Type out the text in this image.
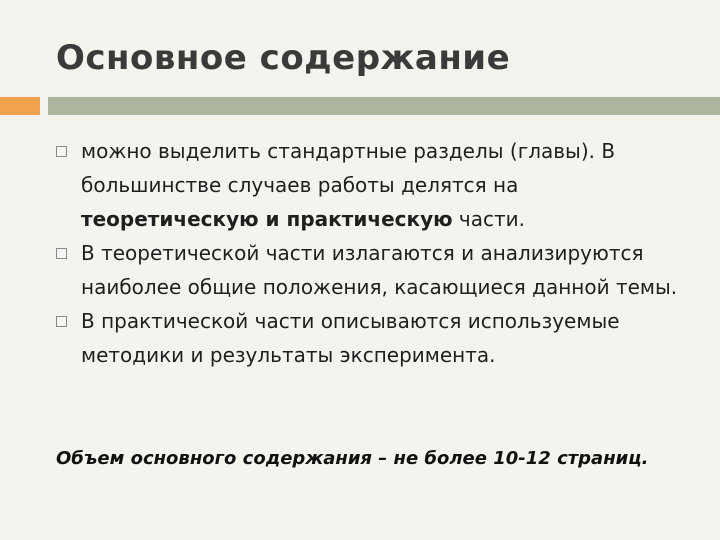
Основное содержание
можно выделить стандартные разделы (главы). В большинстве случаев работы делятся на теоретическую и практическую части.
В теоретической части излагаются и анализируются наиболее общие положения, касающиеся данной темы.
В практической части описываются используемые методики и результаты эксперимента.
Объем основного содержания – не более 10-12 страниц.
